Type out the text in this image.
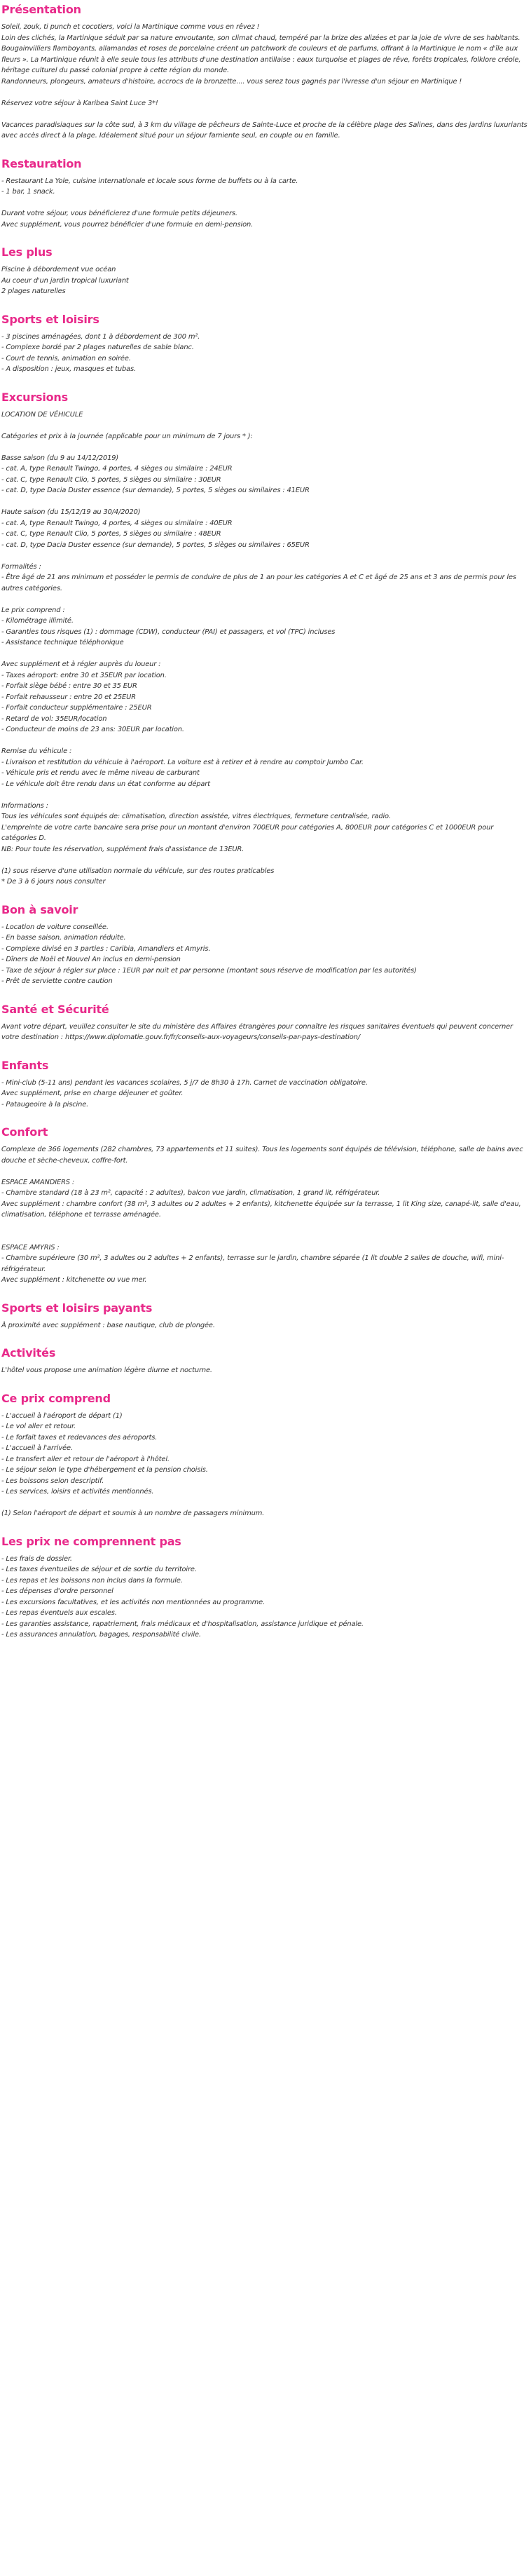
Présentation

Soleil, zouk, ti punch et cocotiers, voici la Martinique comme vous en rêvez !

Loin des clichés, la Martinique séduit par sa nature envoutante, son climat chaud, tempéré par la brize des alizées et par la joie de vivre de ses habitants. Bougainvilliers flamboyants, allamandas et roses de porcelaine créent un patchwork de couleurs et de parfums, offrant à la Martinique le nom « d'île aux fleurs ». La Martinique réunit à elle seule tous les attributs d'une destination antillaise : eaux turquoise et plages de rêve, forêts tropicales, folklore créole, héritage culturel du passé colonial propre à cette région du monde.

Randonneurs, plongeurs, amateurs d'histoire, accrocs de la bronzette.... vous serez tous gagnés par l'ivresse d'un séjour en Martinique !

Réservez votre séjour à Karibea Saint Luce 3*!

Vacances paradisiaques sur la côte sud, à 3 km du village de pêcheurs de Sainte-Luce et proche de la célèbre plage des Salines, dans des jardins luxuriants avec accès direct à la plage. Idéalement situé pour un séjour farniente seul, en couple ou en famille.

Restauration

- Restaurant La Yole, cuisine internationale et locale sous forme de buffets ou à la carte.

- 1 bar, 1 snack.

Durant votre séjour, vous bénéficierez d'une formule petits déjeuners.

Avec supplément, vous pourrez bénéficier d'une formule en demi-pension.

Les plus

Piscine à débordement vue océan

Au coeur d'un jardin tropical luxuriant

2 plages naturelles

Sports et loisirs

- 3 piscines aménagées, dont 1 à débordement de 300 m².

- Complexe bordé par 2 plages naturelles de sable blanc.

- Court de tennis, animation en soirée.

- A disposition : jeux, masques et tubas.

Excursions

LOCATION DE VÉHICULE

Catégories et prix à la journée (applicable pour un minimum de 7 jours * ):

Basse saison (du 9 au 14/12/2019)

- cat. A, type Renault Twingo, 4 portes, 4 sièges ou similaire : 24EUR

- cat. C, type Renault Clio, 5 portes, 5 sièges ou similaire : 30EUR

- cat. D, type Dacia Duster essence (sur demande), 5 portes, 5 sièges ou similaires : 41EUR

Haute saison (du 15/12/19 au 30/4/2020)

- cat. A, type Renault Twingo, 4 portes, 4 sièges ou similaire : 40EUR

- cat. C, type Renault Clio, 5 portes, 5 sièges ou similaire : 48EUR

- cat. D, type Dacia Duster essence (sur demande), 5 portes, 5 sièges ou similaires : 65EUR

Formalités :

- Être âgé de 21 ans minimum et posséder le permis de conduire de plus de 1 an pour les catégories A et C et âgé de 25 ans et 3 ans de permis pour les autres catégories.

Le prix comprend :

- Kilométrage illimité.

- Garanties tous risques (1) : dommage (CDW), conducteur (PAI) et passagers, et vol (TPC) incluses

- Assistance technique téléphonique

Avec supplément et à régler auprès du loueur :

- Taxes aéroport: entre 30 et 35EUR par location.

- Forfait siège bébé : entre 30 et 35 EUR

- Forfait rehausseur : entre 20 et 25EUR

- Forfait conducteur supplémentaire : 25EUR

- Retard de vol: 35EUR/location

- Conducteur de moins de 23 ans: 30EUR par location.

Remise du véhicule :

- Livraison et restitution du véhicule à l'aéroport. La voiture est à retirer et à rendre au comptoir Jumbo Car.

- Véhicule pris et rendu avec le même niveau de carburant

- Le véhicule doit être rendu dans un état conforme au départ

Informations :

Tous les véhicules sont équipés de: climatisation, direction assistée, vitres électriques, fermeture centralisée, radio.

L'empreinte de votre carte bancaire sera prise pour un montant d'environ 700EUR pour catégories A, 800EUR pour catégories C et 1000EUR pour catégories D.

NB: Pour toute les réservation, supplément frais d'assistance de 13EUR.

(1) sous réserve d'une utilisation normale du véhicule, sur des routes praticables

* De 3 à 6 jours nous consulter

Bon à savoir

- Location de voiture conseillée.

- En basse saison, animation réduite.

- Complexe divisé en 3 parties : Caribia, Amandiers et Amyris.

- Dîners de Noël et Nouvel An inclus en demi-pension

- Taxe de séjour à régler sur place : 1EUR par nuit et par personne (montant sous réserve de modification par les autorités)

- Prêt de serviette contre caution

Santé et Sécurité

Avant votre départ, veuillez consulter le site du ministère des Affaires étrangères pour connaître les risques sanitaires éventuels qui peuvent concerner votre destination : https://www.diplomatie.gouv.fr/fr/conseils-aux-voyageurs/conseils-par-pays-destination/

Enfants

- Mini-club (5-11 ans) pendant les vacances scolaires, 5 j/7 de 8h30 à 17h. Carnet de vaccination obligatoire.

Avec supplément, prise en charge déjeuner et goûter.

- Pataugeoire à la piscine.

Confort

Complexe de 366 logements (282 chambres, 73 appartements et 11 suites). Tous les logements sont équipés de télévision, téléphone, salle de bains avec douche et sèche-cheveux, coffre-fort.

ESPACE AMANDIERS :

- Chambre standard (18 à 23 m², capacité : 2 adultes), balcon vue jardin, climatisation, 1 grand lit, réfrigérateur.

Avec supplément : chambre confort (38 m², 3 adultes ou 2 adultes + 2 enfants), kitchenette équipée sur la terrasse, 1 lit King size, canapé-lit, salle d'eau, climatisation, téléphone et terrasse aménagée.

ESPACE AMYRIS :

- Chambre supérieure (30 m², 3 adultes ou 2 adultes + 2 enfants), terrasse sur le jardin, chambre séparée (1 lit double 2 salles de douche, wifi, mini-réfrigérateur.

Avec supplément : kitchenette ou vue mer.

Sports et loisirs payants

À proximité avec supplément : base nautique, club de plongée.

Activités

L'hôtel vous propose une animation légère diurne et nocturne.

Ce prix comprend

- L'accueil à l'aéroport de départ (1)

- Le vol aller et retour.

- Le forfait taxes et redevances des aéroports.

- L'accueil à l'arrivée.

- Le transfert aller et retour de l'aéroport à l'hôtel.

- Le séjour selon le type d'hébergement et la pension choisis.

- Les boissons selon descriptif.

- Les services, loisirs et activités mentionnés.

(1) Selon l'aéroport de départ et soumis à un nombre de passagers minimum.

Les prix ne comprennent pas

- Les frais de dossier.

- Les taxes éventuelles de séjour et de sortie du territoire.

- Les repas et les boissons non inclus dans la formule.

- Les dépenses d'ordre personnel

- Les excursions facultatives, et les activités non mentionnées au programme.

- Les repas éventuels aux escales.

- Les garanties assistance, rapatriement, frais médicaux et d'hospitalisation, assistance juridique et pénale.

- Les assurances annulation, bagages, responsabilité civile.
